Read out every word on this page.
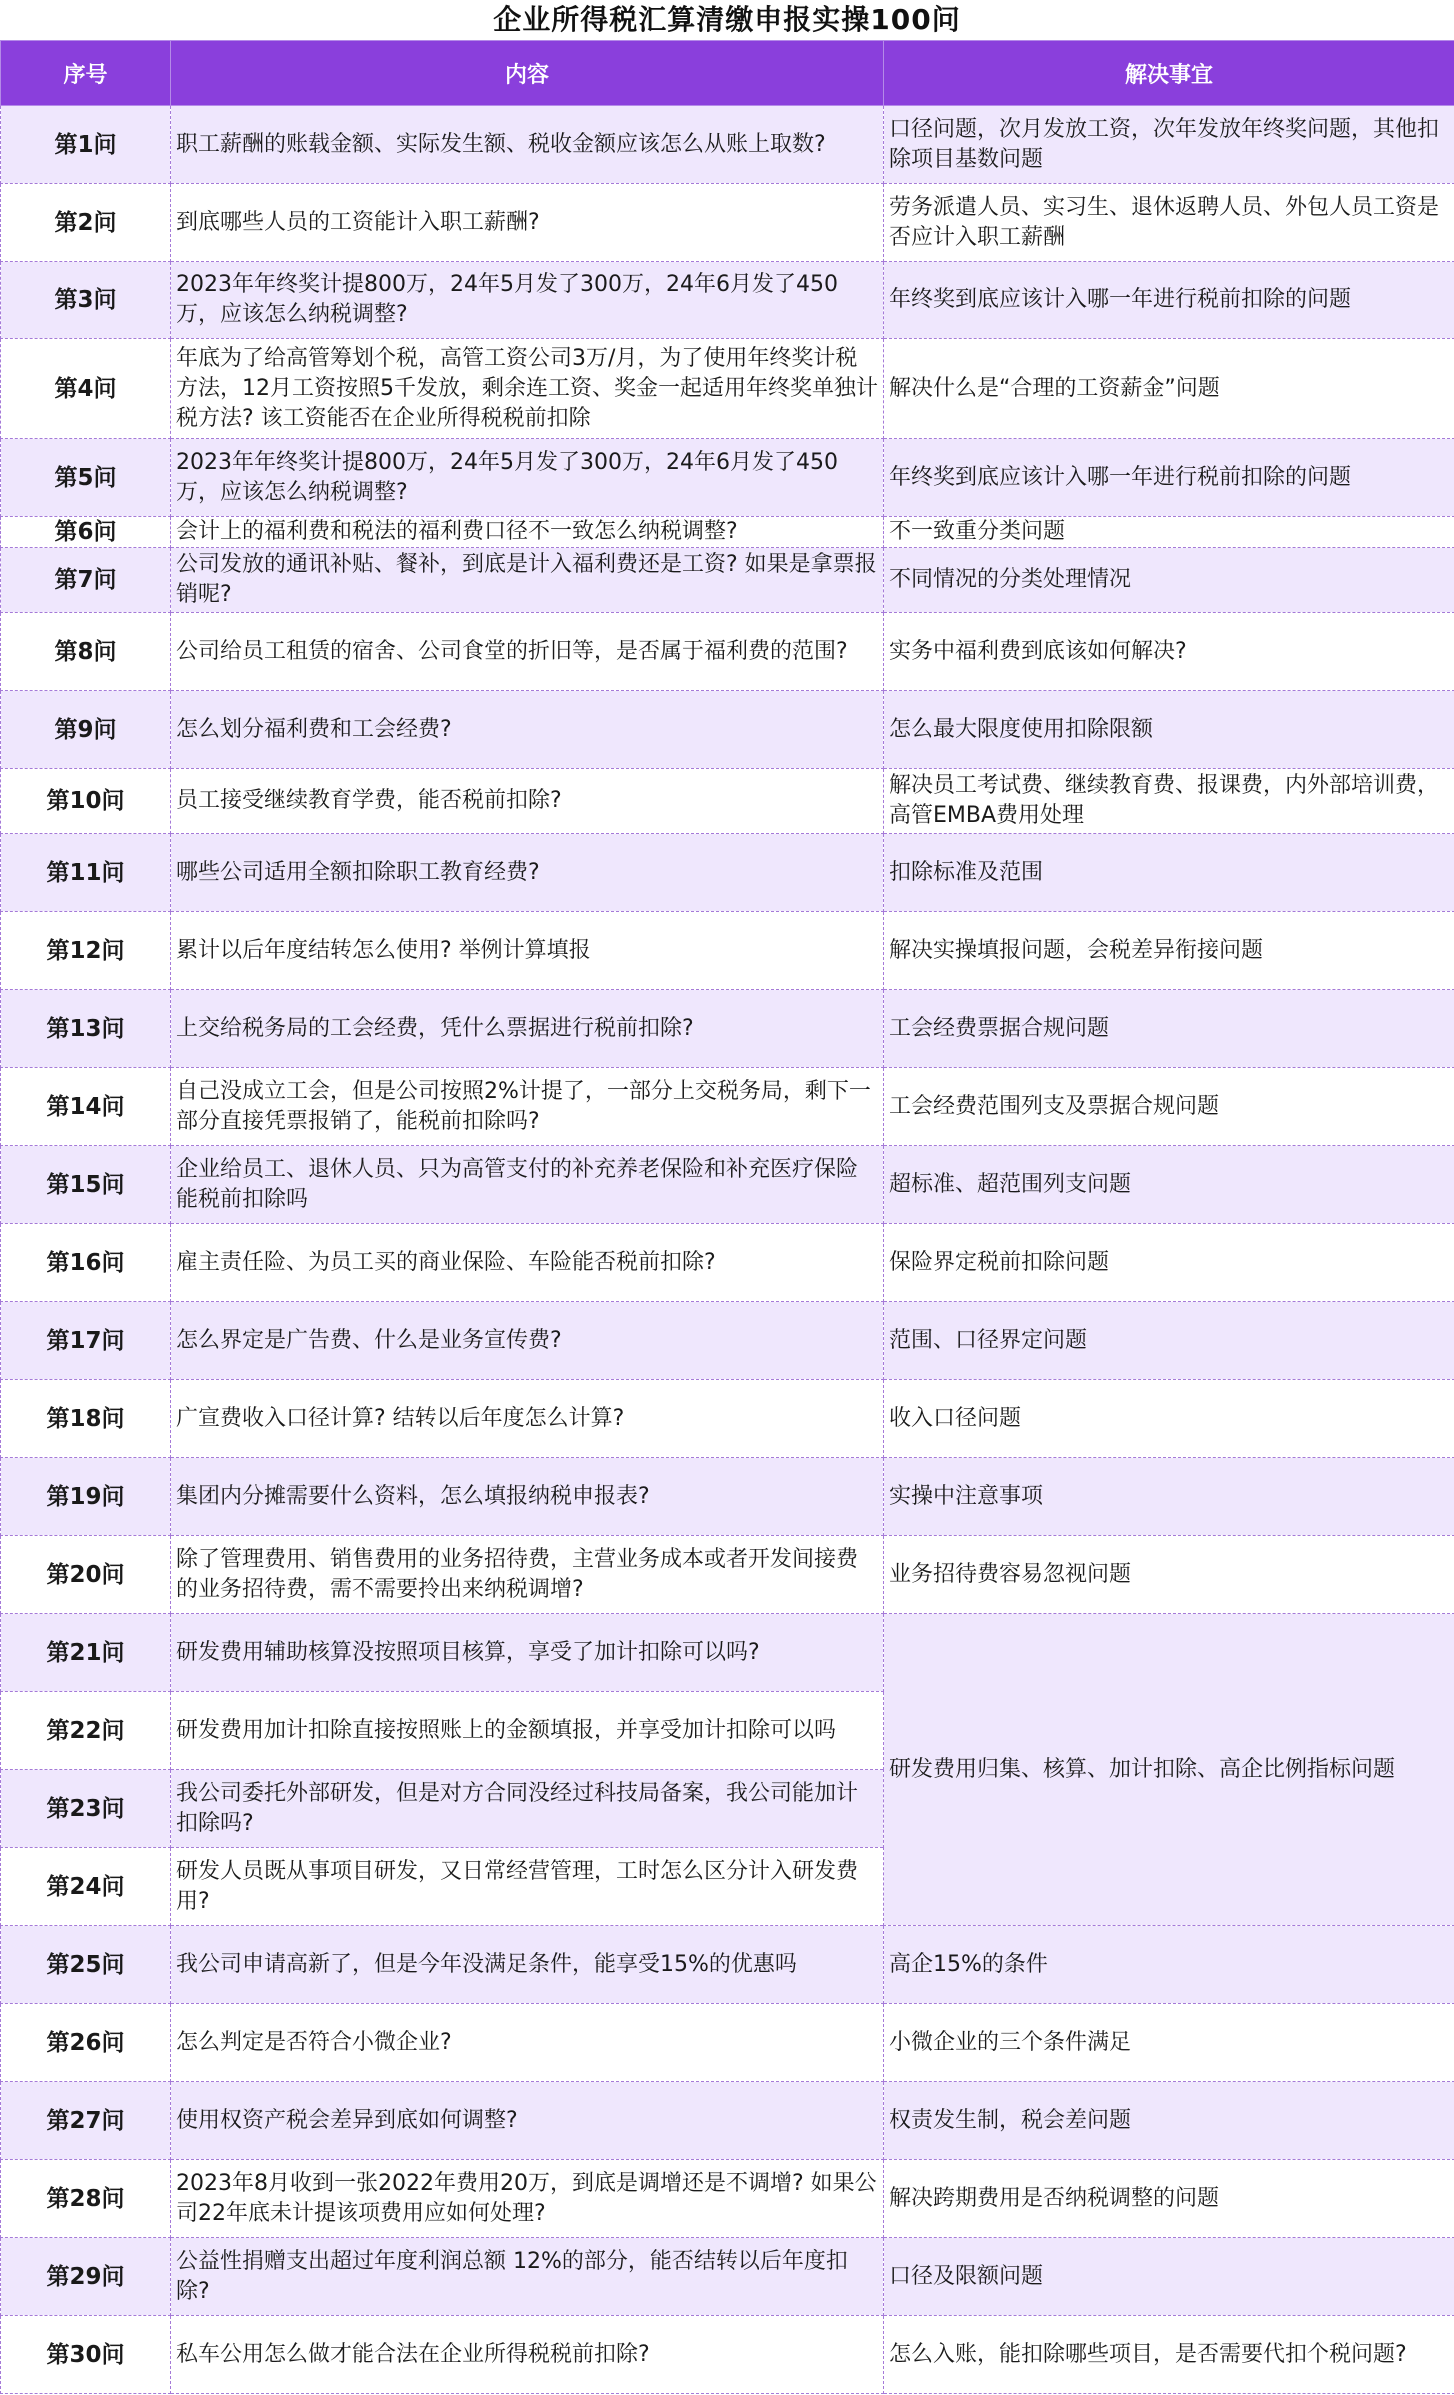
企业所得税汇算清缴申报实操100问
序号	内容	解决事宜
第1问	职工薪酬的账载金额、实际发生额、税收金额应该怎么从账上取数?	口径问题，次月发放工资，次年发放年终奖问题，其他扣除项目基数问题
第2问	到底哪些人员的工资能计入职工薪酬?	劳务派遣人员、实习生、退休返聘人员、外包人员工资是否应计入职工薪酬
第3问	2023年年终奖计提800万，24年5月发了300万，24年6月发了450万，应该怎么纳税调整?	年终奖到底应该计入哪一年进行税前扣除的问题
第4问	年底为了给高管筹划个税，高管工资公司3万/月，为了使用年终奖计税方法，12月工资按照5千发放，剩余连工资、奖金一起适用年终奖单独计税方法? 该工资能否在企业所得税税前扣除	解决什么是“合理的工资薪金”问题
第5问	2023年年终奖计提800万，24年5月发了300万，24年6月发了450万，应该怎么纳税调整?	年终奖到底应该计入哪一年进行税前扣除的问题
第6问	会计上的福利费和税法的福利费口径不一致怎么纳税调整?	不一致重分类问题
第7问	公司发放的通讯补贴、餐补，到底是计入福利费还是工资? 如果是拿票报销呢?	不同情况的分类处理情况
第8问	公司给员工租赁的宿舍、公司食堂的折旧等，是否属于福利费的范围?	实务中福利费到底该如何解决?
第9问	怎么划分福利费和工会经费?	怎么最大限度使用扣除限额
第10问	员工接受继续教育学费，能否税前扣除?	解决员工考试费、继续教育费、报课费，内外部培训费，高管EMBA费用处理
第11问	哪些公司适用全额扣除职工教育经费?	扣除标准及范围
第12问	累计以后年度结转怎么使用? 举例计算填报	解决实操填报问题，会税差异衔接问题
第13问	上交给税务局的工会经费，凭什么票据进行税前扣除?	工会经费票据合规问题
第14问	自己没成立工会，但是公司按照2%计提了，一部分上交税务局，剩下一部分直接凭票报销了，能税前扣除吗?	工会经费范围列支及票据合规问题
第15问	企业给员工、退休人员、只为高管支付的补充养老保险和补充医疗保险能税前扣除吗	超标准、超范围列支问题
第16问	雇主责任险、为员工买的商业保险、车险能否税前扣除?	保险界定税前扣除问题
第17问	怎么界定是广告费、什么是业务宣传费?	范围、口径界定问题
第18问	广宣费收入口径计算? 结转以后年度怎么计算?	收入口径问题
第19问	集团内分摊需要什么资料，怎么填报纳税申报表?	实操中注意事项
第20问	除了管理费用、销售费用的业务招待费，主营业务成本或者开发间接费的业务招待费，需不需要拎出来纳税调增?	业务招待费容易忽视问题
第21问	研发费用辅助核算没按照项目核算，享受了加计扣除可以吗?	研发费用归集、核算、加计扣除、高企比例指标问题
第22问	研发费用加计扣除直接按照账上的金额填报，并享受加计扣除可以吗	
第23问	我公司委托外部研发，但是对方合同没经过科技局备案，我公司能加计扣除吗?	
第24问	研发人员既从事项目研发，又日常经营管理，工时怎么区分计入研发费用?	
第25问	我公司申请高新了，但是今年没满足条件，能享受15%的优惠吗	高企15%的条件
第26问	怎么判定是否符合小微企业?	小微企业的三个条件满足
第27问	使用权资产税会差异到底如何调整?	权责发生制，税会差问题
第28问	2023年8月收到一张2022年费用20万，到底是调增还是不调增? 如果公司22年底未计提该项费用应如何处理?	解决跨期费用是否纳税调整的问题
第29问	公益性捐赠支出超过年度利润总额 12%的部分，能否结转以后年度扣除?	口径及限额问题
第30问	私车公用怎么做才能合法在企业所得税税前扣除?	怎么入账，能扣除哪些项目，是否需要代扣个税问题?
